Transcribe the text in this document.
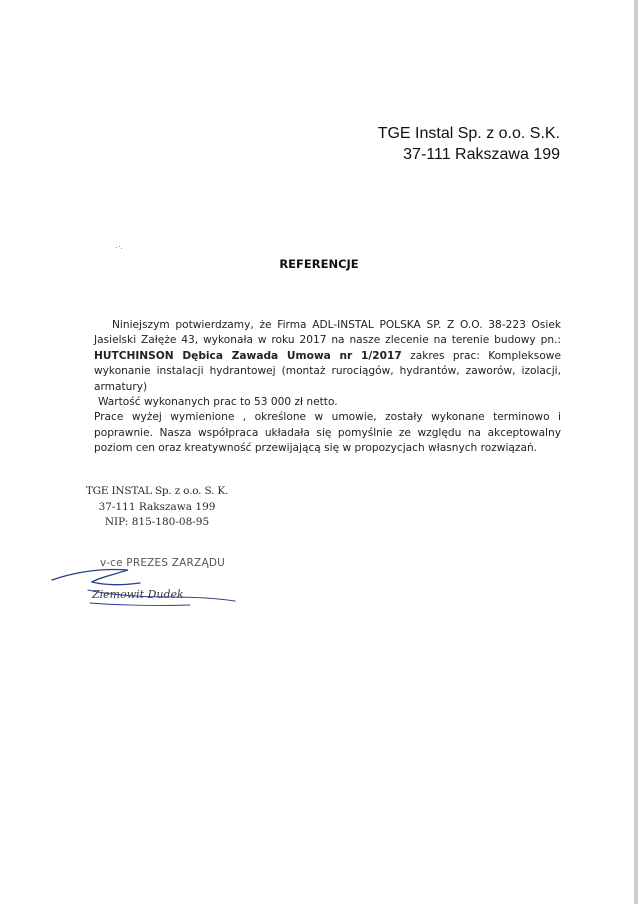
TGE Instal Sp. z o.o. S.K.
37-111 Rakszawa 199
REFERENCJE

Niniejszym potwierdzamy, że Firma ADL-INSTAL POLSKA SP. Z O.O. 38-223 Osiek Jasielski Załęże 43, wykonała w roku 2017 na nasze zlecenie na terenie budowy pn.: HUTCHINSON Dębica Zawada Umowa nr 1/2017 zakres prac: Kompleksowe wykonanie instalacji hydrantowej (montaż rurociągów, hydrantów, zaworów, izolacji, armatury)

Wartość wykonanych prac to 53 000 zł netto.

Prace wyżej wymienione , określone w umowie, zostały wykonane terminowo i poprawnie. Nasza współpraca układała się pomyślnie ze względu na akceptowalny poziom cen oraz kreatywność przewijającą się w propozycjach własnych rozwiązań.

TGE INSTAL Sp. z o.o. S. K.
37-111 Rakszawa 199
NIP: 815-180-08-95
v-ce PREZES ZARZĄDU
Ziemowit Dudek
